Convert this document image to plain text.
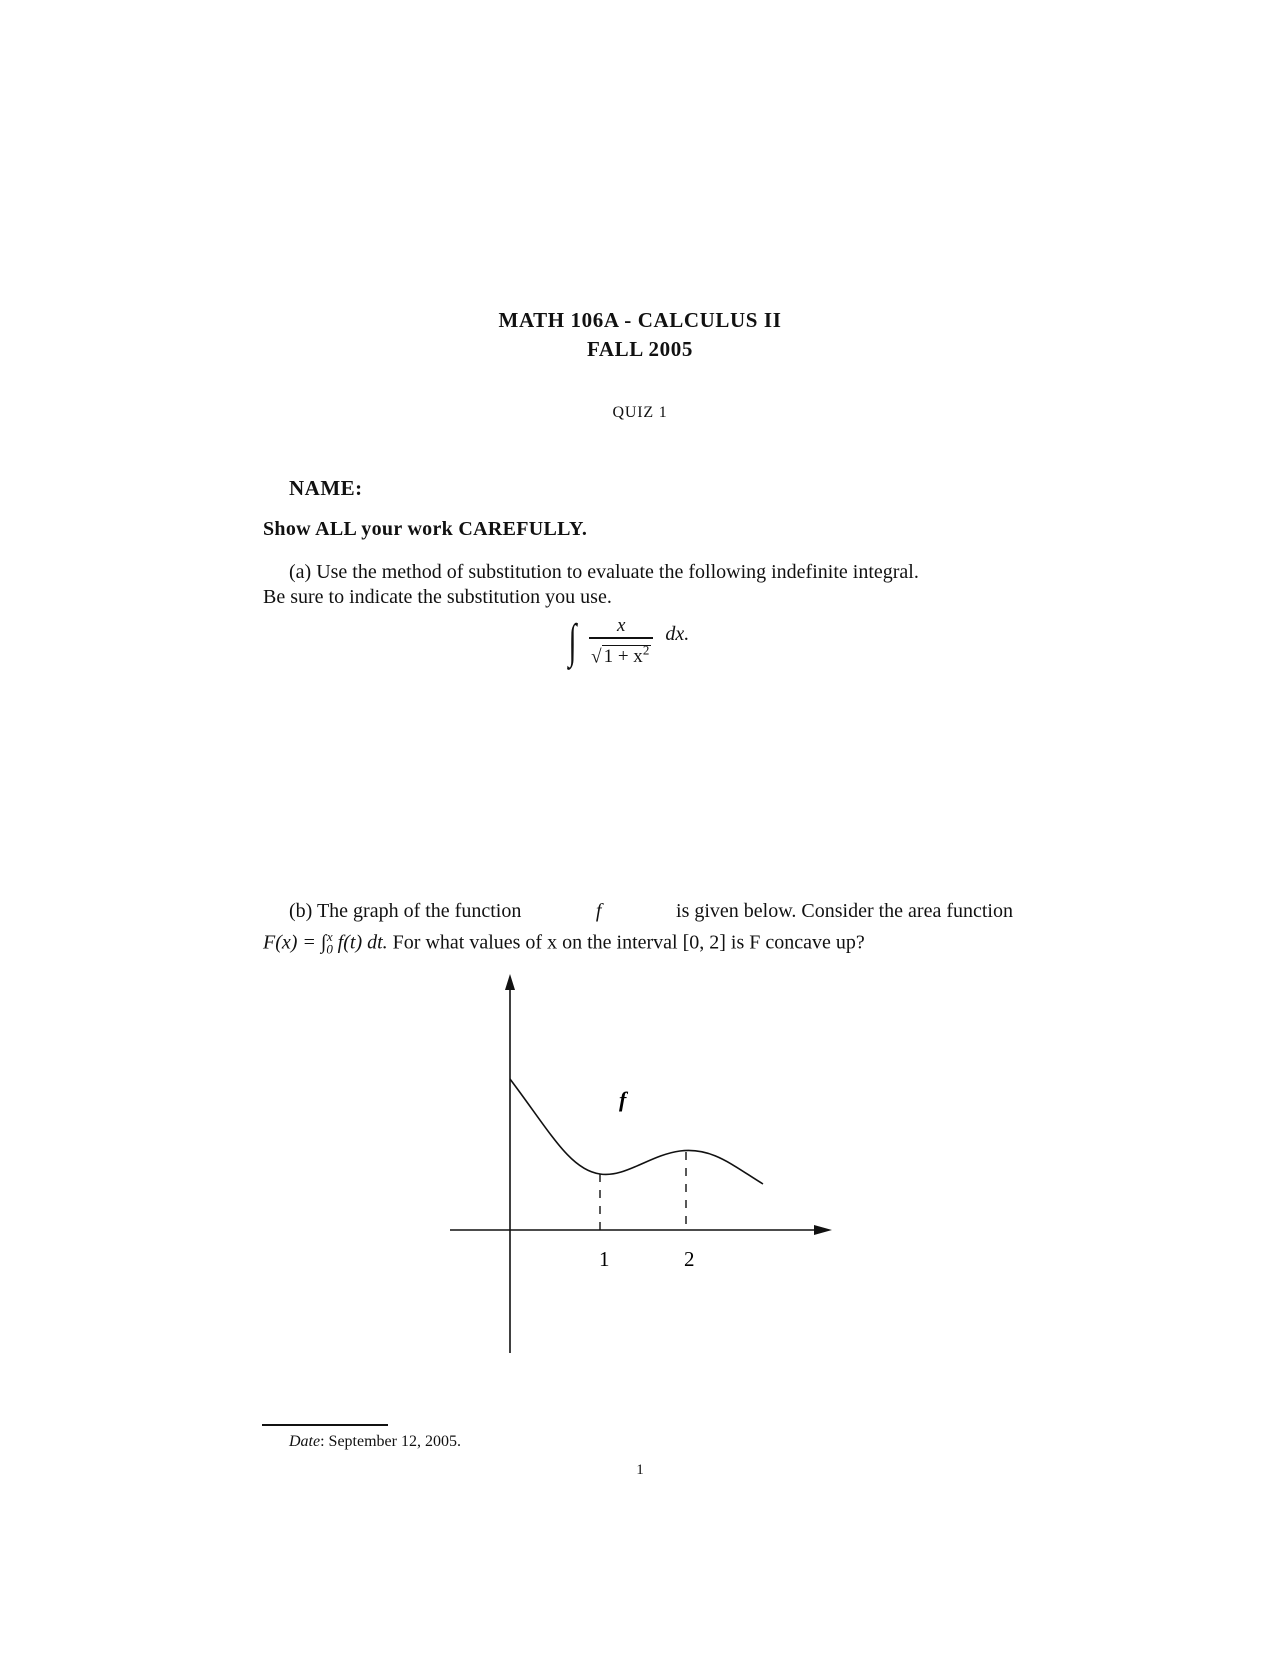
MATH 106A - CALCULUS II
FALL 2005
QUIZ 1
NAME:
Show ALL your work CAREFULLY.
(a) Use the method of substitution to evaluate the following indefinite integral.
Be sure to indicate the substitution you use.
∫ $\frac{x}{√ 1 + x^2}$ dx.
(b) The graph of the function	f	is given below. Consider the area function
$F(x) = \int_0^x$ f(t) dt. For what values of x on the interval [0, 2] is F concave up?
f
1	2
Date: September 12, 2005.
1
